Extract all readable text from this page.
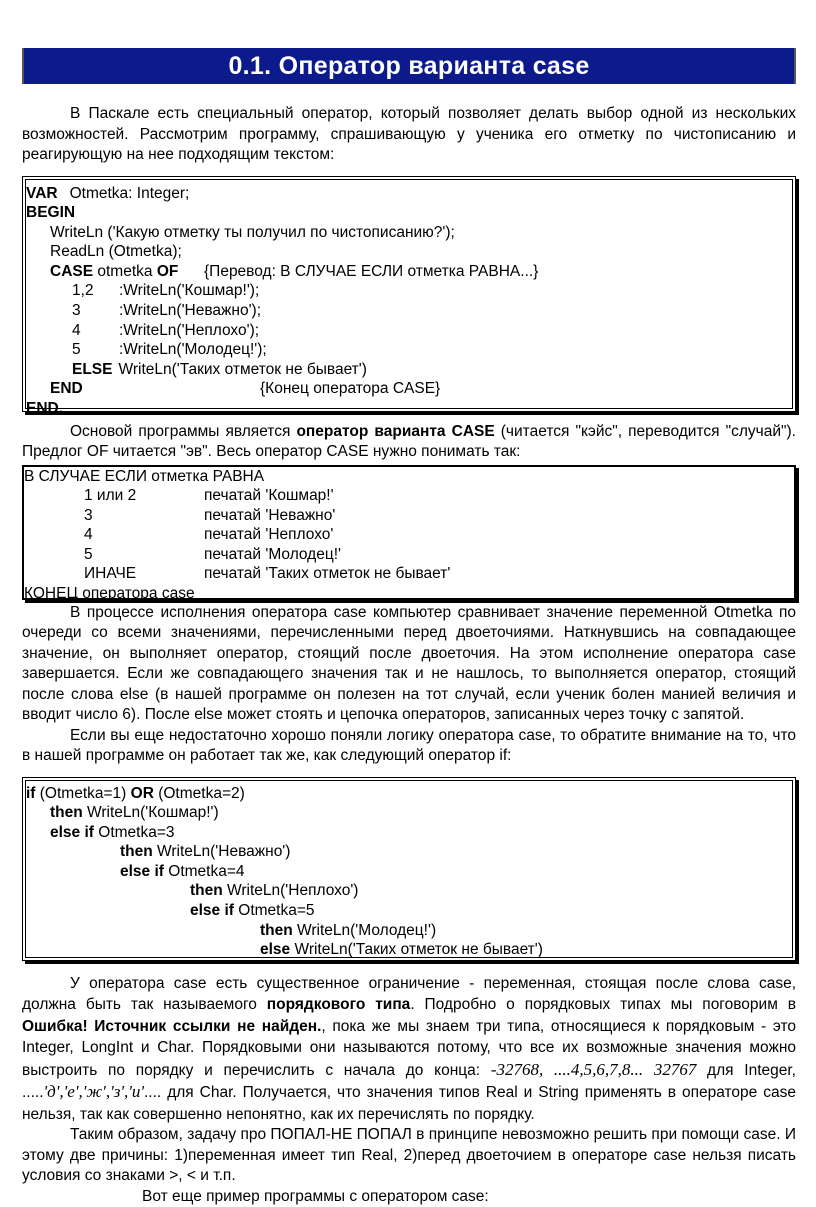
0.1. Оператор варианта case

В Паскале есть специальный оператор, который позволяет делать выбор одной из нескольких возможностей. Рассмотрим программу, спрашивающую у ученика его отметку по чистописанию и реагирующую на нее подходящим текстом:

VAR Otmetka: Integer;
BEGIN
WriteLn ('Какую отметку ты получил по чистописанию?');
ReadLn (Otmetka);
CASE otmetka OF {Перевод: В СЛУЧАЕ ЕСЛИ отметка РАВНА...}
1,2 :WriteLn('Кошмар!');
3 :WriteLn('Неважно');
4 :WriteLn('Неплохо');
5 :WriteLn('Молодец!');
ELSE WriteLn('Таких отметок не бывает')
END	{Конец оператора CASE}
END.

Основой программы является оператор варианта CASE (читается "кэйс", переводится "случай"). Предлог OF читается "эв". Весь оператор CASE нужно понимать так:

В СЛУЧАЕ ЕСЛИ отметка РАВНА
1 или 2	печатай 'Кошмар!'
3	печатай 'Неважно'
4	печатай 'Неплохо'
5	печатай 'Молодец!'
ИНАЧЕ	печатай 'Таких отметок не бывает'
КОНЕЦ оператора case

В процессе исполнения оператора case компьютер сравнивает значение переменной Otmetka по очереди со всеми значениями, перечисленными перед двоеточиями. Наткнувшись на совпадающее значение, он выполняет оператор, стоящий после двоеточия. На этом исполнение оператора case завершается. Если же совпадающего значения так и не нашлось, то выполняется оператор, стоящий после слова else (в нашей программе он полезен на тот случай, если ученик болен манией величия и вводит число 6). После else может стоять и цепочка операторов, записанных через точку с запятой.

Если вы еще недостаточно хорошо поняли логику оператора case, то обратите внимание на то, что в нашей программе он работает так же, как следующий оператор if:

if (Otmetka=1) OR (Otmetka=2)
then WriteLn('Кошмар!')
else if Otmetka=3
then WriteLn('Неважно')
else if Otmetka=4
then WriteLn('Неплохо')
else if Otmetka=5
then WriteLn('Молодец!')
else WriteLn('Таких отметок не бывает')

У оператора case есть существенное ограничение - переменная, стоящая после слова case, должна быть так называемого порядкового типа. Подробно о порядковых типах мы поговорим в Ошибка! Источник ссылки не найден., пока же мы знаем три типа, относящиеся к порядковым - это Integer, LongInt и Char. Порядковыми они называются потому, что все их возможные значения можно выстроить по порядку и перечислить с начала до конца: -32768, ....4,5,6,7,8... 32767 для Integer, .....'д','е','ж','з','и'.... для Char. Получается, что значения типов Real и String применять в операторе case нельзя, так как совершенно непонятно, как их перечислять по порядку.

Таким образом, задачу про ПОПАЛ-НЕ ПОПАЛ в принципе невозможно решить при помощи case. И этому две причины: 1)переменная имеет тип Real, 2)перед двоеточием в операторе case нельзя писать условия со знаками >, < и т.п.

Вот еще пример программы с оператором case:
